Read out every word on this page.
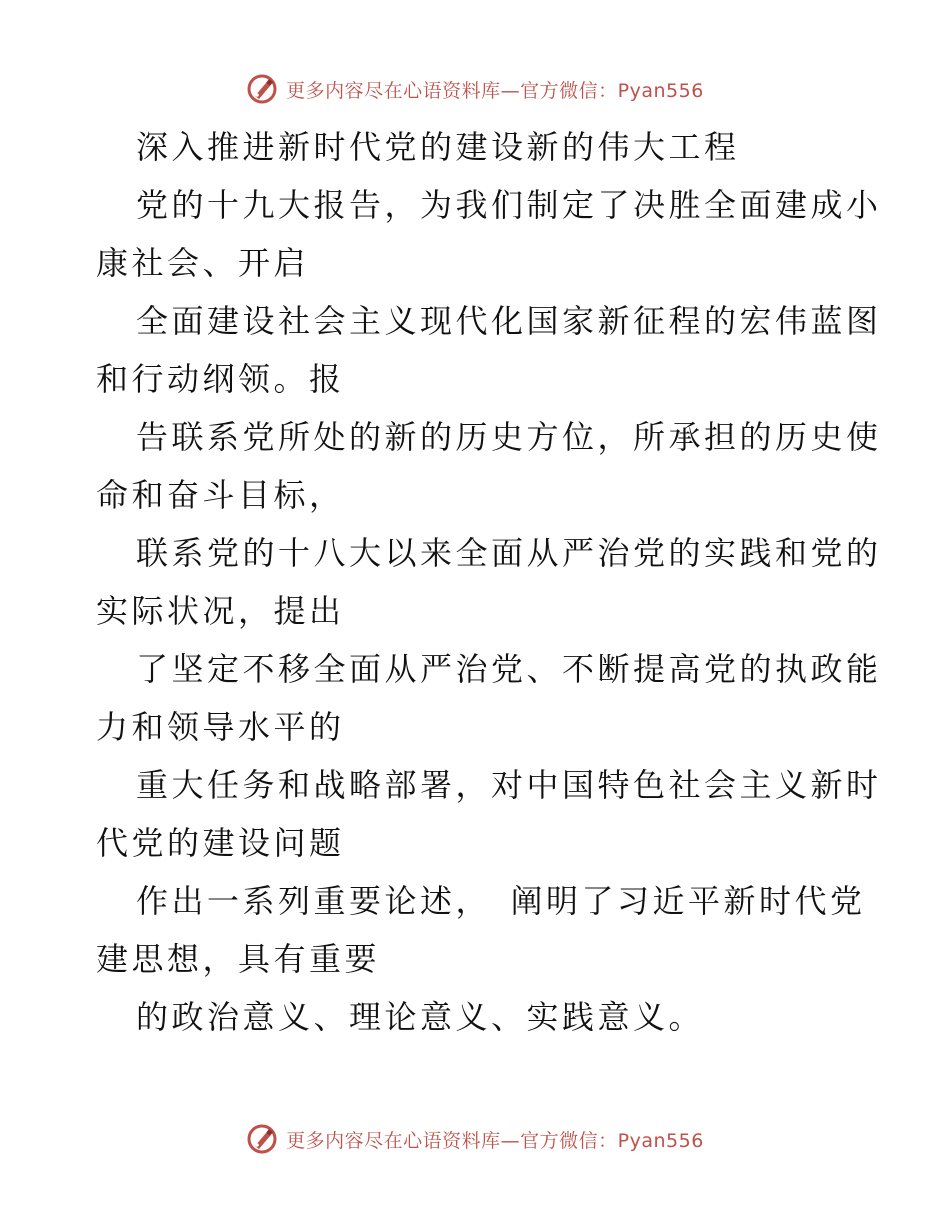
更多内容尽在心语资料库—官方微信：Pyan556
深入推进新时代党的建设新的伟大工程
党的十九大报告，为我们制定了决胜全面建成小
康社会、开启
全面建设社会主义现代化国家新征程的宏伟蓝图
和行动纲领。报
告联系党所处的新的历史方位，所承担的历史使
命和奋斗目标，
联系党的十八大以来全面从严治党的实践和党的
实际状况，提出
了坚定不移全面从严治党、不断提高党的执政能
力和领导水平的
重大任务和战略部署，对中国特色社会主义新时
代党的建设问题
作出一系列重要论述，　阐明了习近平新时代党
建思想，具有重要
的政治意义、理论意义、实践意义。
更多内容尽在心语资料库—官方微信：Pyan556
